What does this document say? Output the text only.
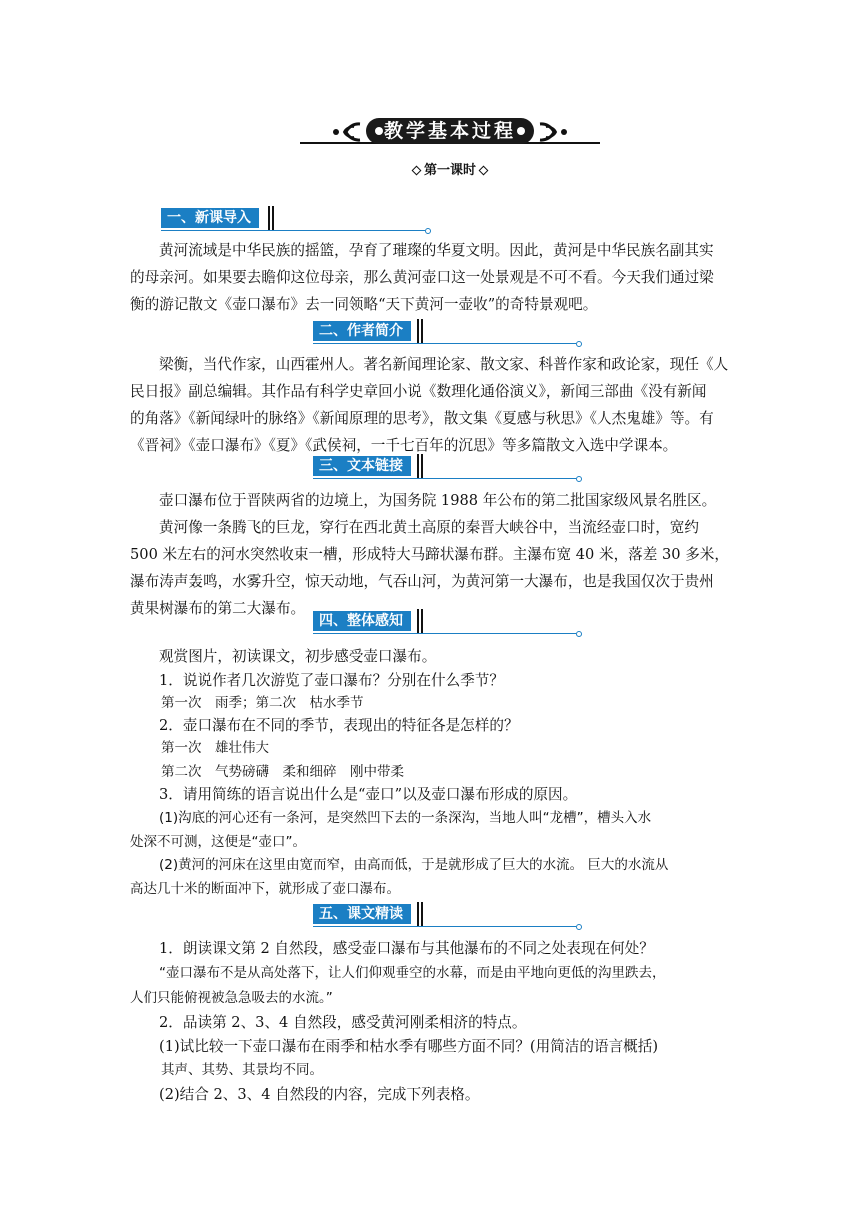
教学基本过程
第一课时
一、新课导入
黄河流域是中华民族的摇篮，孕育了璀璨的华夏文明。因此，黄河是中华民族名副其实
的母亲河。如果要去瞻仰这位母亲，那么黄河壶口这一处景观是不可不看。今天我们通过梁
衡的游记散文《壶口瀑布》去一同领略“天下黄河一壶收”的奇特景观吧。
二、作者简介
梁衡，当代作家，山西霍州人。著名新闻理论家、散文家、科普作家和政论家，现任《人
民日报》副总编辑。其作品有科学史章回小说《数理化通俗演义》，新闻三部曲《没有新闻
的角落》《新闻绿叶的脉络》《新闻原理的思考》，散文集《夏感与秋思》《人杰鬼雄》等。有
《晋祠》《壶口瀑布》《夏》《武侯祠，一千七百年的沉思》等多篇散文入选中学课本。
三、文本链接
壶口瀑布位于晋陕两省的边境上，为国务院 1988 年公布的第二批国家级风景名胜区。
黄河像一条腾飞的巨龙，穿行在西北黄土高原的秦晋大峡谷中，当流经壶口时，宽约
500 米左右的河水突然收束一槽，形成特大马蹄状瀑布群。主瀑布宽 40 米，落差 30 多米，
瀑布涛声轰鸣，水雾升空，惊天动地，气吞山河，为黄河第一大瀑布，也是我国仅次于贵州
黄果树瀑布的第二大瀑布。
四、整体感知
观赏图片，初读课文，初步感受壶口瀑布。
1．说说作者几次游览了壶口瀑布？分别在什么季节？
第一次　雨季；第二次　枯水季节
2．壶口瀑布在不同的季节，表现出的特征各是怎样的？
第一次　雄壮伟大
第二次　气势磅礴　柔和细碎　刚中带柔
3．请用简练的语言说出什么是“壶口”以及壶口瀑布形成的原因。
(1)沟底的河心还有一条河，是突然凹下去的一条深沟，当地人叫“龙槽”，槽头入水
处深不可测，这便是“壶口”。
(2)黄河的河床在这里由宽而窄，由高而低，于是就形成了巨大的水流。 巨大的水流从
高达几十米的断面冲下，就形成了壶口瀑布。
五、课文精读
1．朗读课文第 2 自然段，感受壶口瀑布与其他瀑布的不同之处表现在何处？
“壶口瀑布不是从高处落下，让人们仰观垂空的水幕，而是由平地向更低的沟里跌去，
人们只能俯视被急急吸去的水流。”
2．品读第 2、3、4 自然段，感受黄河刚柔相济的特点。
(1)试比较一下壶口瀑布在雨季和枯水季有哪些方面不同？(用简洁的语言概括)
其声、其势、其景均不同。
(2)结合 2、3、4 自然段的内容，完成下列表格。
